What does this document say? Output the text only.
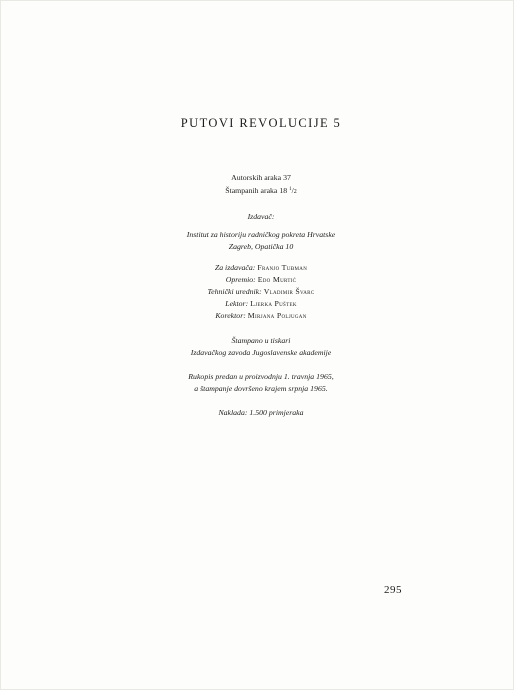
PUTOVI REVOLUCIJE 5
Autorskih araka 37
Štampanih araka 18 $^1$/2
Izdavač:
Institut za historiju radničkog pokreta Hrvatske
Zagreb, Opatička 10
Za izdavača: Franjo Tuđman
Opremio: Edo Murtić
Tehnički urednik: Vladimir Švarc
Lektor: Ljerka Puštek
Korektor: Mirjana Poljugan
Štampano u tiskari
Izdavačkog zavoda Jugoslavenske akademije
Rukopis predan u proizvodnju 1. travnja 1965,
a štampanje dovršeno krajem srpnja 1965.
Naklada: 1.500 primjeraka
295
